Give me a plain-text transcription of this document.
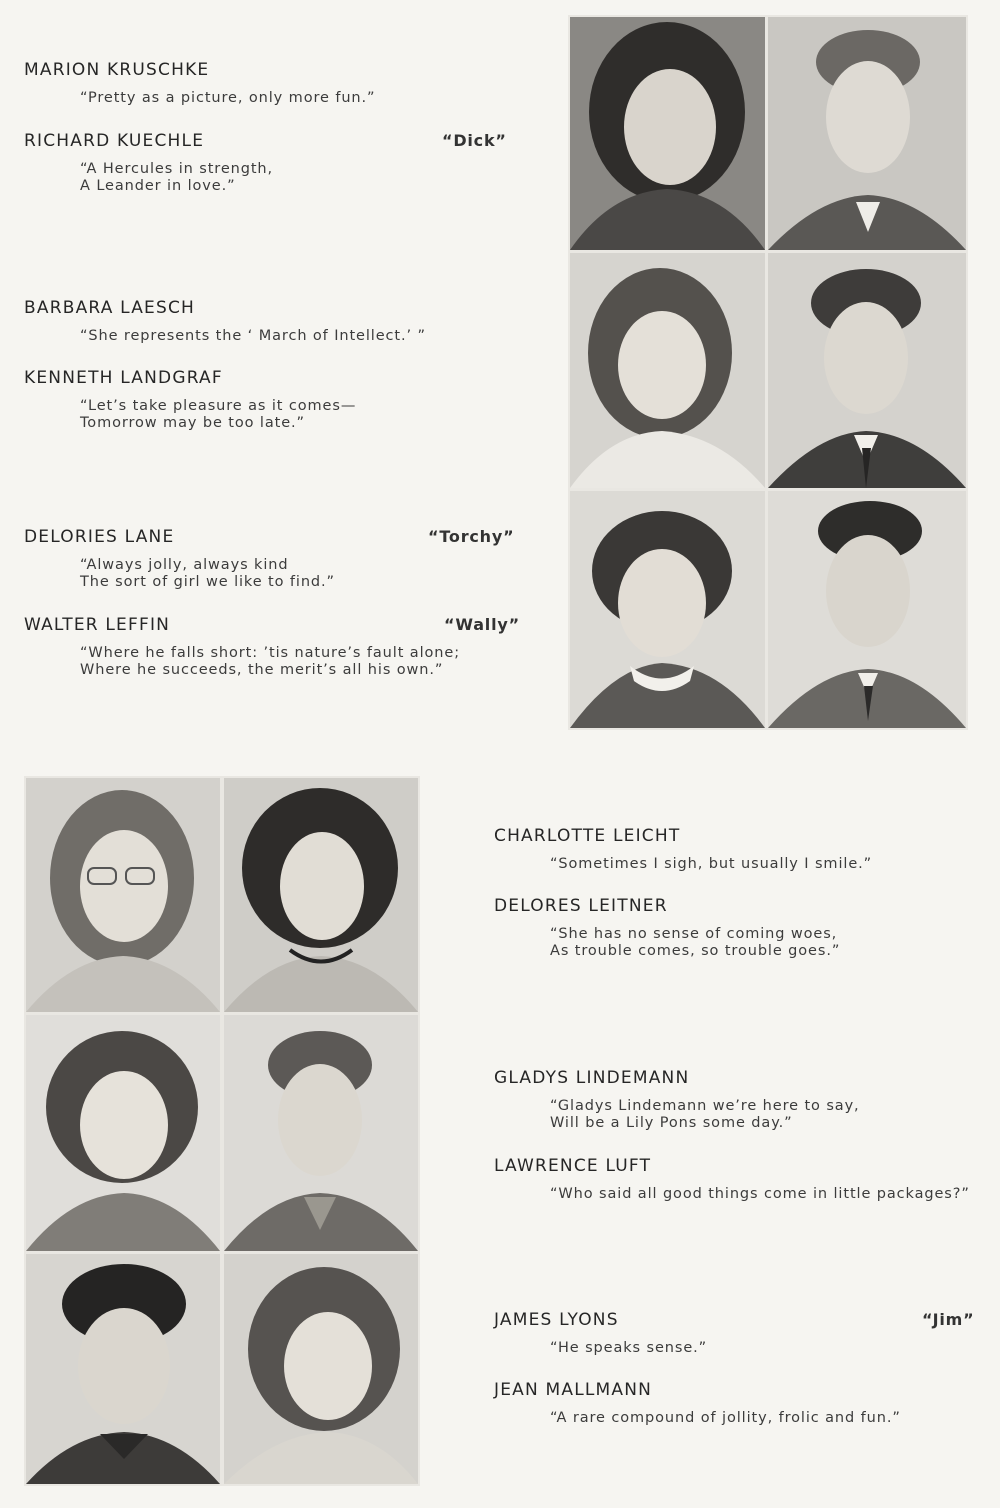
MARION KRUSCHKE
“Pretty as a picture, only more fun.”
RICHARD KUECHLE	“Dick”
“A Hercules in strength,
A Leander in love.”
BARBARA LAESCH
“She represents the ‘ March of Intellect.’ ”
KENNETH LANDGRAF
“Let’s take pleasure as it comes—
Tomorrow may be too late.”
DELORIES LANE	“Torchy”
“Always jolly, always kind
The sort of girl we like to find.”
WALTER LEFFIN	“Wally”
“Where he falls short: ’tis nature’s fault alone;
Where he succeeds, the merit’s all his own.”
CHARLOTTE LEICHT
“Sometimes I sigh, but usually I smile.”
DELORES LEITNER
“She has no sense of coming woes,
As trouble comes, so trouble goes.”
GLADYS LINDEMANN
“Gladys Lindemann we’re here to say,
Will be a Lily Pons some day.”
LAWRENCE LUFT
“Who said all good things come in little packages?”
JAMES LYONS	“Jim”
“He speaks sense.”
JEAN MALLMANN
“A rare compound of jollity, frolic and fun.”
